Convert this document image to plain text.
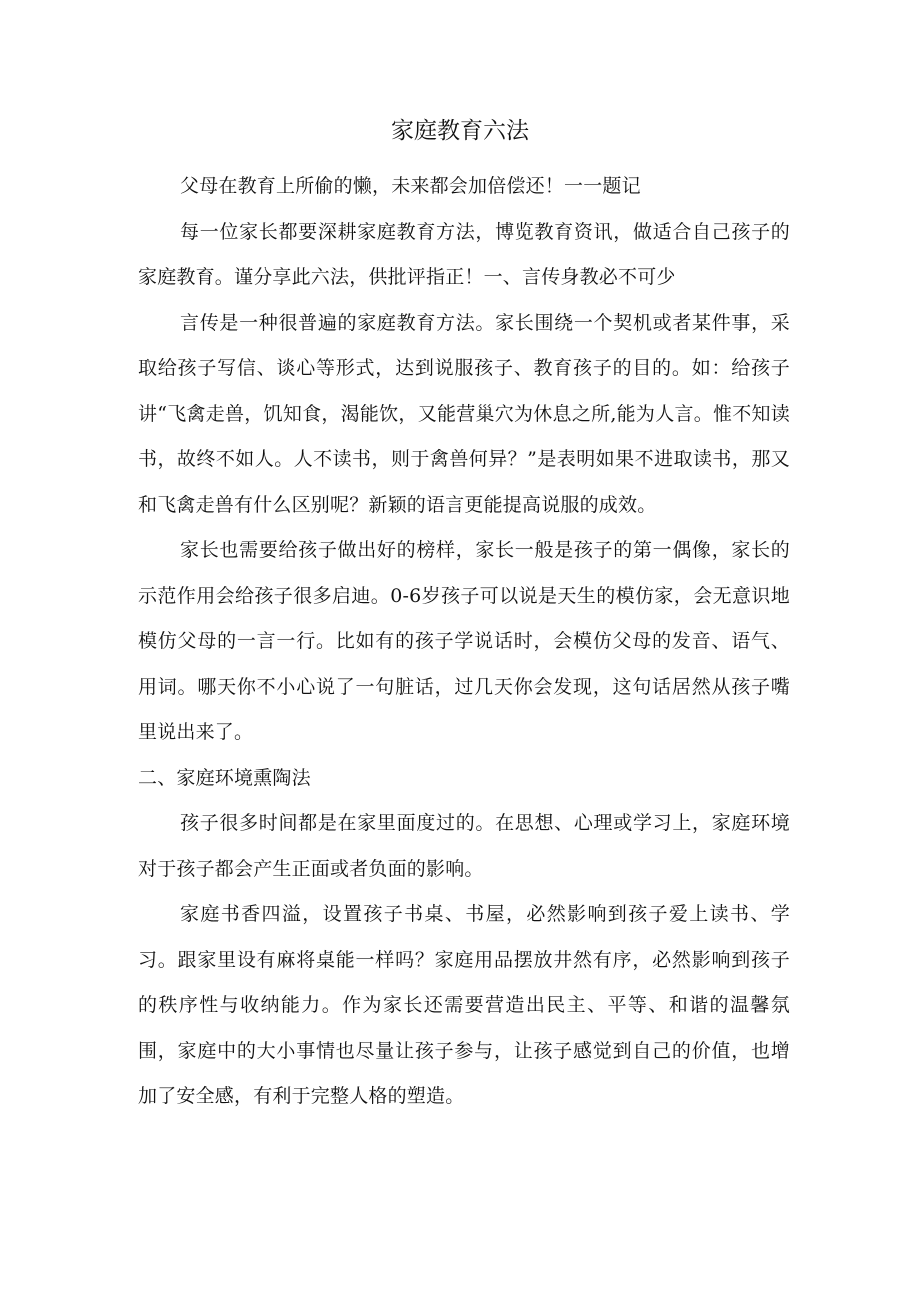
家庭教育六法

父母在教育上所偷的懒，未来都会加倍偿还！一一题记

每一位家长都要深耕家庭教育方法，博览教育资讯，做适合自己孩子的家庭教育。谨分享此六法，供批评指正！一、言传身教必不可少

言传是一种很普遍的家庭教育方法。家长围绕一个契机或者某件事，采取给孩子写信、谈心等形式，达到说服孩子、教育孩子的目的。如：给孩子讲“飞禽走兽，饥知食，渴能饮，又能营巢穴为休息之所,能为人言。惟不知读书，故终不如人。人不读书，则于禽兽何异？”是表明如果不进取读书，那又和飞禽走兽有什么区别呢？新颖的语言更能提高说服的成效。

家长也需要给孩子做出好的榜样，家长一般是孩子的第一偶像，家长的示范作用会给孩子很多启迪。0-6岁孩子可以说是天生的模仿家，会无意识地模仿父母的一言一行。比如有的孩子学说话时，会模仿父母的发音、语气、用词。哪天你不小心说了一句脏话，过几天你会发现，这句话居然从孩子嘴里说出来了。

二、家庭环境熏陶法

孩子很多时间都是在家里面度过的。在思想、心理或学习上，家庭环境对于孩子都会产生正面或者负面的影响。

家庭书香四溢，设置孩子书桌、书屋，必然影响到孩子爱上读书、学习。跟家里设有麻将桌能一样吗？家庭用品摆放井然有序，必然影响到孩子的秩序性与收纳能力。作为家长还需要营造出民主、平等、和谐的温馨氛围，家庭中的大小事情也尽量让孩子参与，让孩子感觉到自己的价值，也增加了安全感，有利于完整人格的塑造。
